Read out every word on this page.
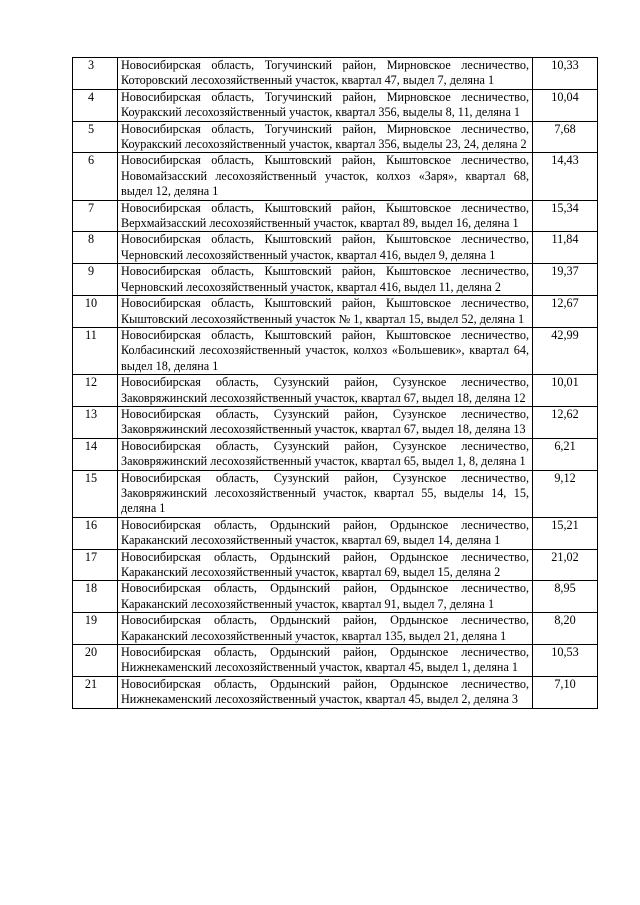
3	Новосибирская область, Тогучинский район, Мирновское лесничество, Которовский лесохозяйственный участок, квартал 47, выдел 7, деляна 1	10,33
4	Новосибирская область, Тогучинский район, Мирновское лесничество, Коуракский лесохозяйственный участок, квартал 356, выделы 8, 11, деляна 1	10,04
5	Новосибирская область, Тогучинский район, Мирновское лесничество, Коуракский лесохозяйственный участок, квартал 356, выделы 23, 24, деляна 2	7,68
6	Новосибирская область, Кыштовский район, Кыштовское лесничество, Новомайзасский лесохозяйственный участок, колхоз «Заря», квартал 68, выдел 12, деляна 1	14,43
7	Новосибирская область, Кыштовский район, Кыштовское лесничество, Верхмайзасский лесохозяйственный участок, квартал 89, выдел 16, деляна 1	15,34
8	Новосибирская область, Кыштовский район, Кыштовское лесничество, Черновский лесохозяйственный участок, квартал 416, выдел 9, деляна 1	11,84
9	Новосибирская область, Кыштовский район, Кыштовское лесничество, Черновский лесохозяйственный участок, квартал 416, выдел 11, деляна 2	19,37
10	Новосибирская область, Кыштовский район, Кыштовское лесничество, Кыштовский лесохозяйственный участок № 1, квартал 15, выдел 52, деляна 1	12,67
11	Новосибирская область, Кыштовский район, Кыштовское лесничество, Колбасинский лесохозяйственный участок, колхоз «Большевик», квартал 64, выдел 18, деляна 1	42,99
12	Новосибирская область, Сузунский район, Сузунское лесничество, Заковряжинский лесохозяйственный участок, квартал 67, выдел 18, деляна 12	10,01
13	Новосибирская область, Сузунский район, Сузунское лесничество, Заковряжинский лесохозяйственный участок, квартал 67, выдел 18, деляна 13	12,62
14	Новосибирская область, Сузунский район, Сузунское лесничество, Заковряжинский лесохозяйственный участок, квартал 65, выдел 1, 8, деляна 1	6,21
15	Новосибирская область, Сузунский район, Сузунское лесничество, Заковряжинский лесохозяйственный участок, квартал 55, выделы 14, 15, деляна 1	9,12
16	Новосибирская область, Ордынский район, Ордынское лесничество, Караканский лесохозяйственный участок, квартал 69, выдел 14, деляна 1	15,21
17	Новосибирская область, Ордынский район, Ордынское лесничество, Караканский лесохозяйственный участок, квартал 69, выдел 15, деляна 2	21,02
18	Новосибирская область, Ордынский район, Ордынское лесничество, Караканский лесохозяйственный участок, квартал 91, выдел 7, деляна 1	8,95
19	Новосибирская область, Ордынский район, Ордынское лесничество, Караканский лесохозяйственный участок, квартал 135, выдел 21, деляна 1	8,20
20	Новосибирская область, Ордынский район, Ордынское лесничество, Нижнекаменский лесохозяйственный участок, квартал 45, выдел 1, деляна 1	10,53
21	Новосибирская область, Ордынский район, Ордынское лесничество, Нижнекаменский лесохозяйственный участок, квартал 45, выдел 2, деляна 3	7,10
